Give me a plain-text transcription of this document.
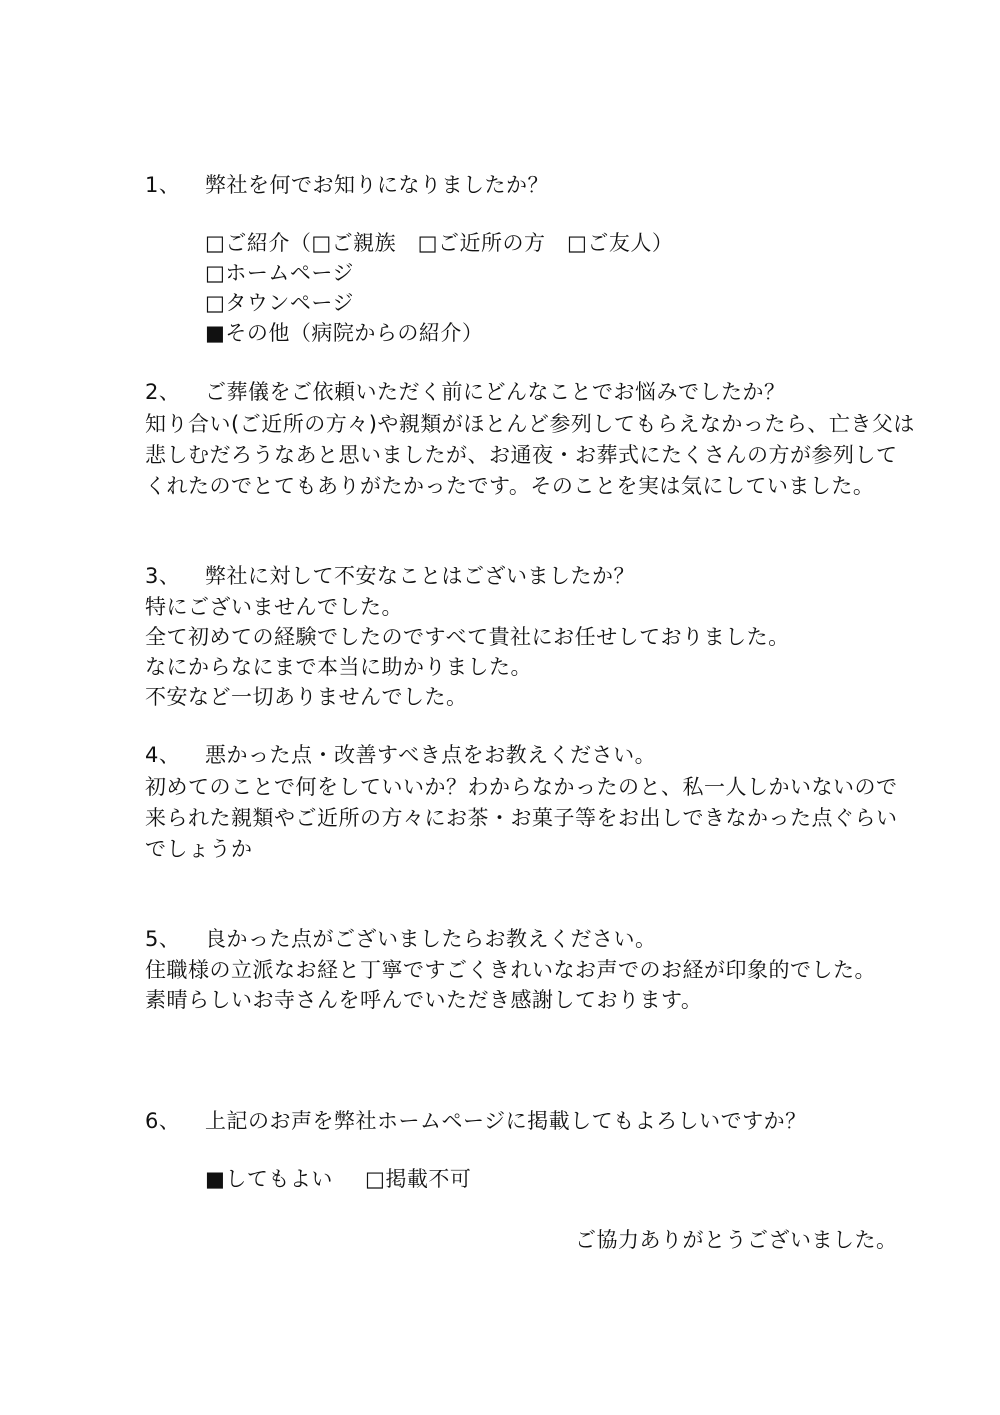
1、 弊社を何でお知りになりましたか？
□ご紹介（□ご親族　□ご近所の方　□ご友人）
□ホームページ
□タウンページ
■その他（病院からの紹介）
2、 ご葬儀をご依頼いただく前にどんなことでお悩みでしたか？
知り合い(ご近所の方々)や親類がほとんど参列してもらえなかったら、亡き父は
悲しむだろうなあと思いましたが、お通夜・お葬式にたくさんの方が参列して
くれたのでとてもありがたかったです。そのことを実は気にしていました。
3、 弊社に対して不安なことはございましたか？
特にございませんでした。
全て初めての経験でしたのですべて貴社にお任せしておりました。
なにからなにまで本当に助かりました。
不安など一切ありませんでした。
4、 悪かった点・改善すべき点をお教えください。
初めてのことで何をしていいか？わからなかったのと、私一人しかいないので
来られた親類やご近所の方々にお茶・お菓子等をお出しできなかった点ぐらい
でしょうか
5、 良かった点がございましたらお教えください。
住職様の立派なお経と丁寧ですごくきれいなお声でのお経が印象的でした。
素晴らしいお寺さんを呼んでいただき感謝しております。
6、 上記のお声を弊社ホームページに掲載してもよろしいですか？
■してもよい □掲載不可
ご協力ありがとうございました。
